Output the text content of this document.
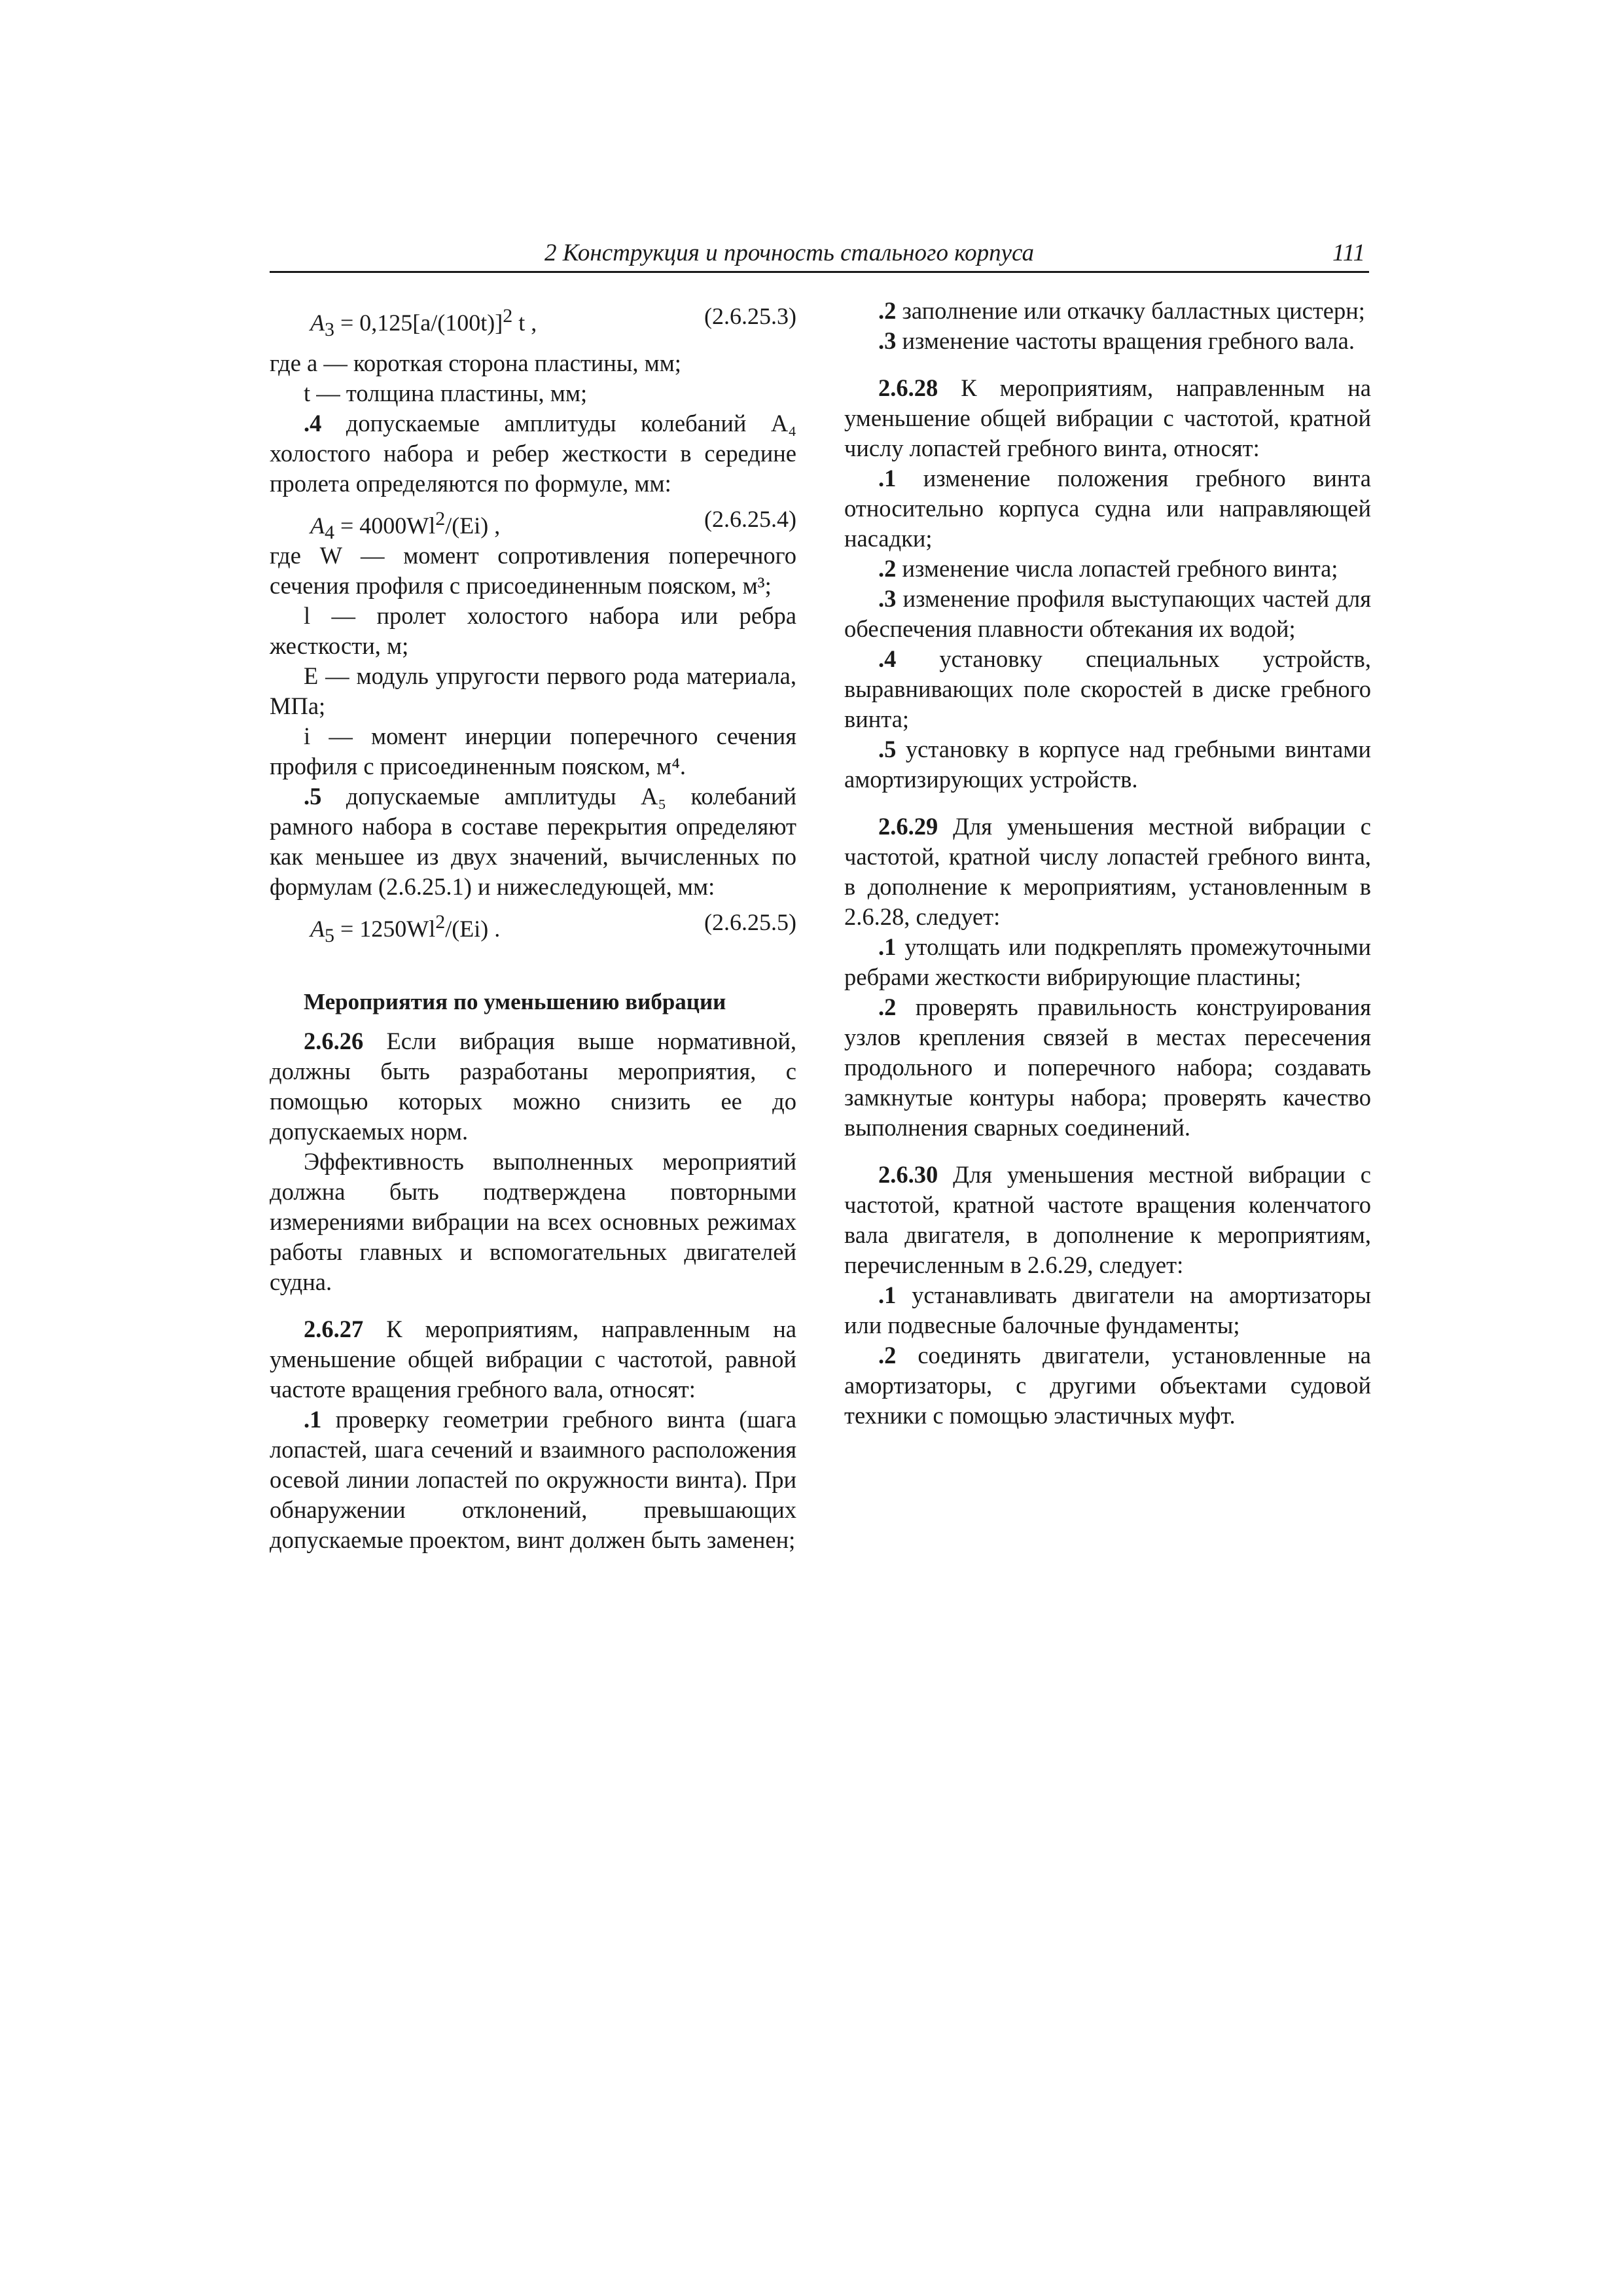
2 Конструкция и прочность стального корпуса	111
$A_3 = 0,125[a/(100t)]^2$ t ,	(2.6.25.3)

где a — короткая сторона пластины, мм;

t — толщина пластины, мм;

.4 допускаемые амплитуды колебаний A₄ холостого набора и ребер жесткости в середине пролета определяются по формуле, мм:

$A_4 = 4000Wl^2/(Ei)$ ,	(2.6.25.4)

где W — момент сопротивления поперечного сечения профиля с присоединенным пояском, м³;

l — пролет холостого набора или ребра жесткости, м;

E — модуль упругости первого рода материала, МПа;

i — момент инерции поперечного сечения профиля с присоединенным пояском, м⁴.

.5 допускаемые амплитуды A₅ колебаний рамного набора в составе перекрытия определяют как меньшее из двух значений, вычисленных по формулам (2.6.25.1) и нижеследующей, мм:

$A_5 = 1250Wl^2/(Ei)$ .	(2.6.25.5)
Мероприятия по уменьшению вибрации

2.6.26 Если вибрация выше нормативной, должны быть разработаны мероприятия, с помощью которых можно снизить ее до допускаемых норм.

Эффективность выполненных мероприятий должна быть подтверждена повторными измерениями вибрации на всех основных режимах работы главных и вспомогательных двигателей судна.

2.6.27 К мероприятиям, направленным на уменьшение общей вибрации с частотой, равной частоте вращения гребного вала, относят:

.1 проверку геометрии гребного винта (шага лопастей, шага сечений и взаимного расположения осевой линии лопастей по окружности винта). При обнаружении отклонений, превышающих допускаемые проектом, винт должен быть заменен;

.2 заполнение или откачку балластных цистерн;

.3 изменение частоты вращения гребного вала.

2.6.28 К мероприятиям, направленным на уменьшение общей вибрации с частотой, кратной числу лопастей гребного винта, относят:

.1 изменение положения гребного винта относительно корпуса судна или направляющей насадки;

.2 изменение числа лопастей гребного винта;

.3 изменение профиля выступающих частей для обеспечения плавности обтекания их водой;

.4 установку специальных устройств, выравнивающих поле скоростей в диске гребного винта;

.5 установку в корпусе над гребными винтами амортизирующих устройств.

2.6.29 Для уменьшения местной вибрации с частотой, кратной числу лопастей гребного винта, в дополнение к мероприятиям, установленным в 2.6.28, следует:

.1 утолщать или подкреплять промежуточными ребрами жесткости вибрирующие пластины;

.2 проверять правильность конструирования узлов крепления связей в местах пересечения продольного и поперечного набора; создавать замкнутые контуры набора; проверять качество выполнения сварных соединений.

2.6.30 Для уменьшения местной вибрации с частотой, кратной частоте вращения коленчатого вала двигателя, в дополнение к мероприятиям, перечисленным в 2.6.29, следует:

.1 устанавливать двигатели на амортизаторы или подвесные балочные фундаменты;

.2 соединять двигатели, установленные на амортизаторы, с другими объектами судовой техники с помощью эластичных муфт.
